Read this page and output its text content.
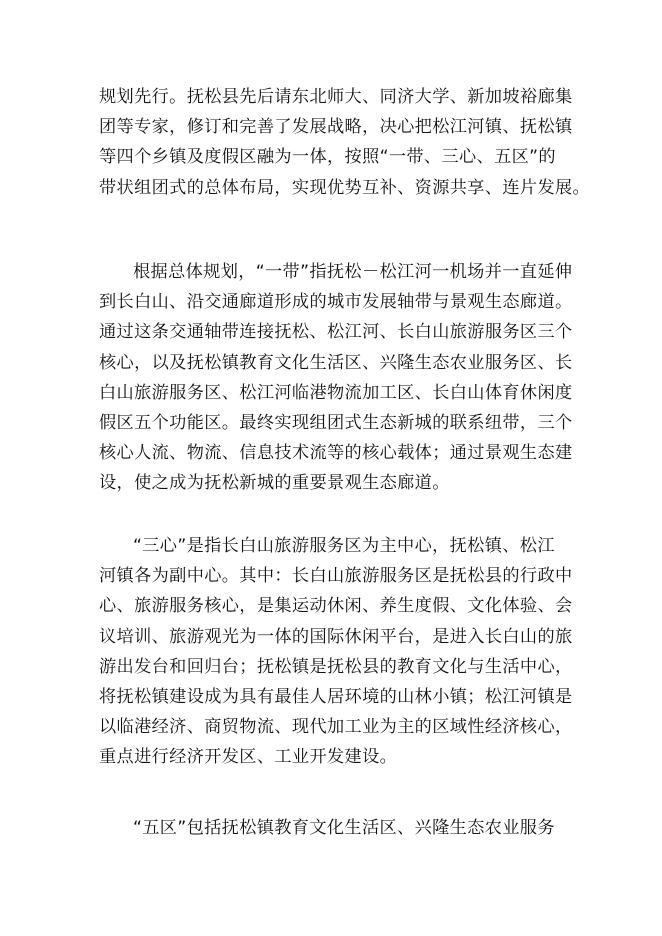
规划先行。抚松县先后请东北师大、同济大学、新加坡裕廊集
团等专家，修订和完善了发展战略，决心把松江河镇、抚松镇
等四个乡镇及度假区融为一体，按照“一带、三心、五区”的
带状组团式的总体布局，实现优势互补、资源共享、连片发展。

根据总体规划，“一带”指抚松－松江河一机场并一直延伸
到长白山、沿交通廊道形成的城市发展轴带与景观生态廊道。
通过这条交通轴带连接抚松、松江河、长白山旅游服务区三个
核心，以及抚松镇教育文化生活区、兴隆生态农业服务区、长
白山旅游服务区、松江河临港物流加工区、长白山体育休闲度
假区五个功能区。最终实现组团式生态新城的联系纽带，三个
核心人流、物流、信息技术流等的核心载体；通过景观生态建
设，使之成为抚松新城的重要景观生态廊道。

“三心”是指长白山旅游服务区为主中心，抚松镇、松江
河镇各为副中心。其中：长白山旅游服务区是抚松县的行政中
心、旅游服务核心，是集运动休闲、养生度假、文化体验、会
议培训、旅游观光为一体的国际休闲平台，是进入长白山的旅
游出发台和回归台；抚松镇是抚松县的教育文化与生活中心，
将抚松镇建设成为具有最佳人居环境的山林小镇；松江河镇是
以临港经济、商贸物流、现代加工业为主的区域性经济核心，
重点进行经济开发区、工业开发建设。

“五区”包括抚松镇教育文化生活区、兴隆生态农业服务
